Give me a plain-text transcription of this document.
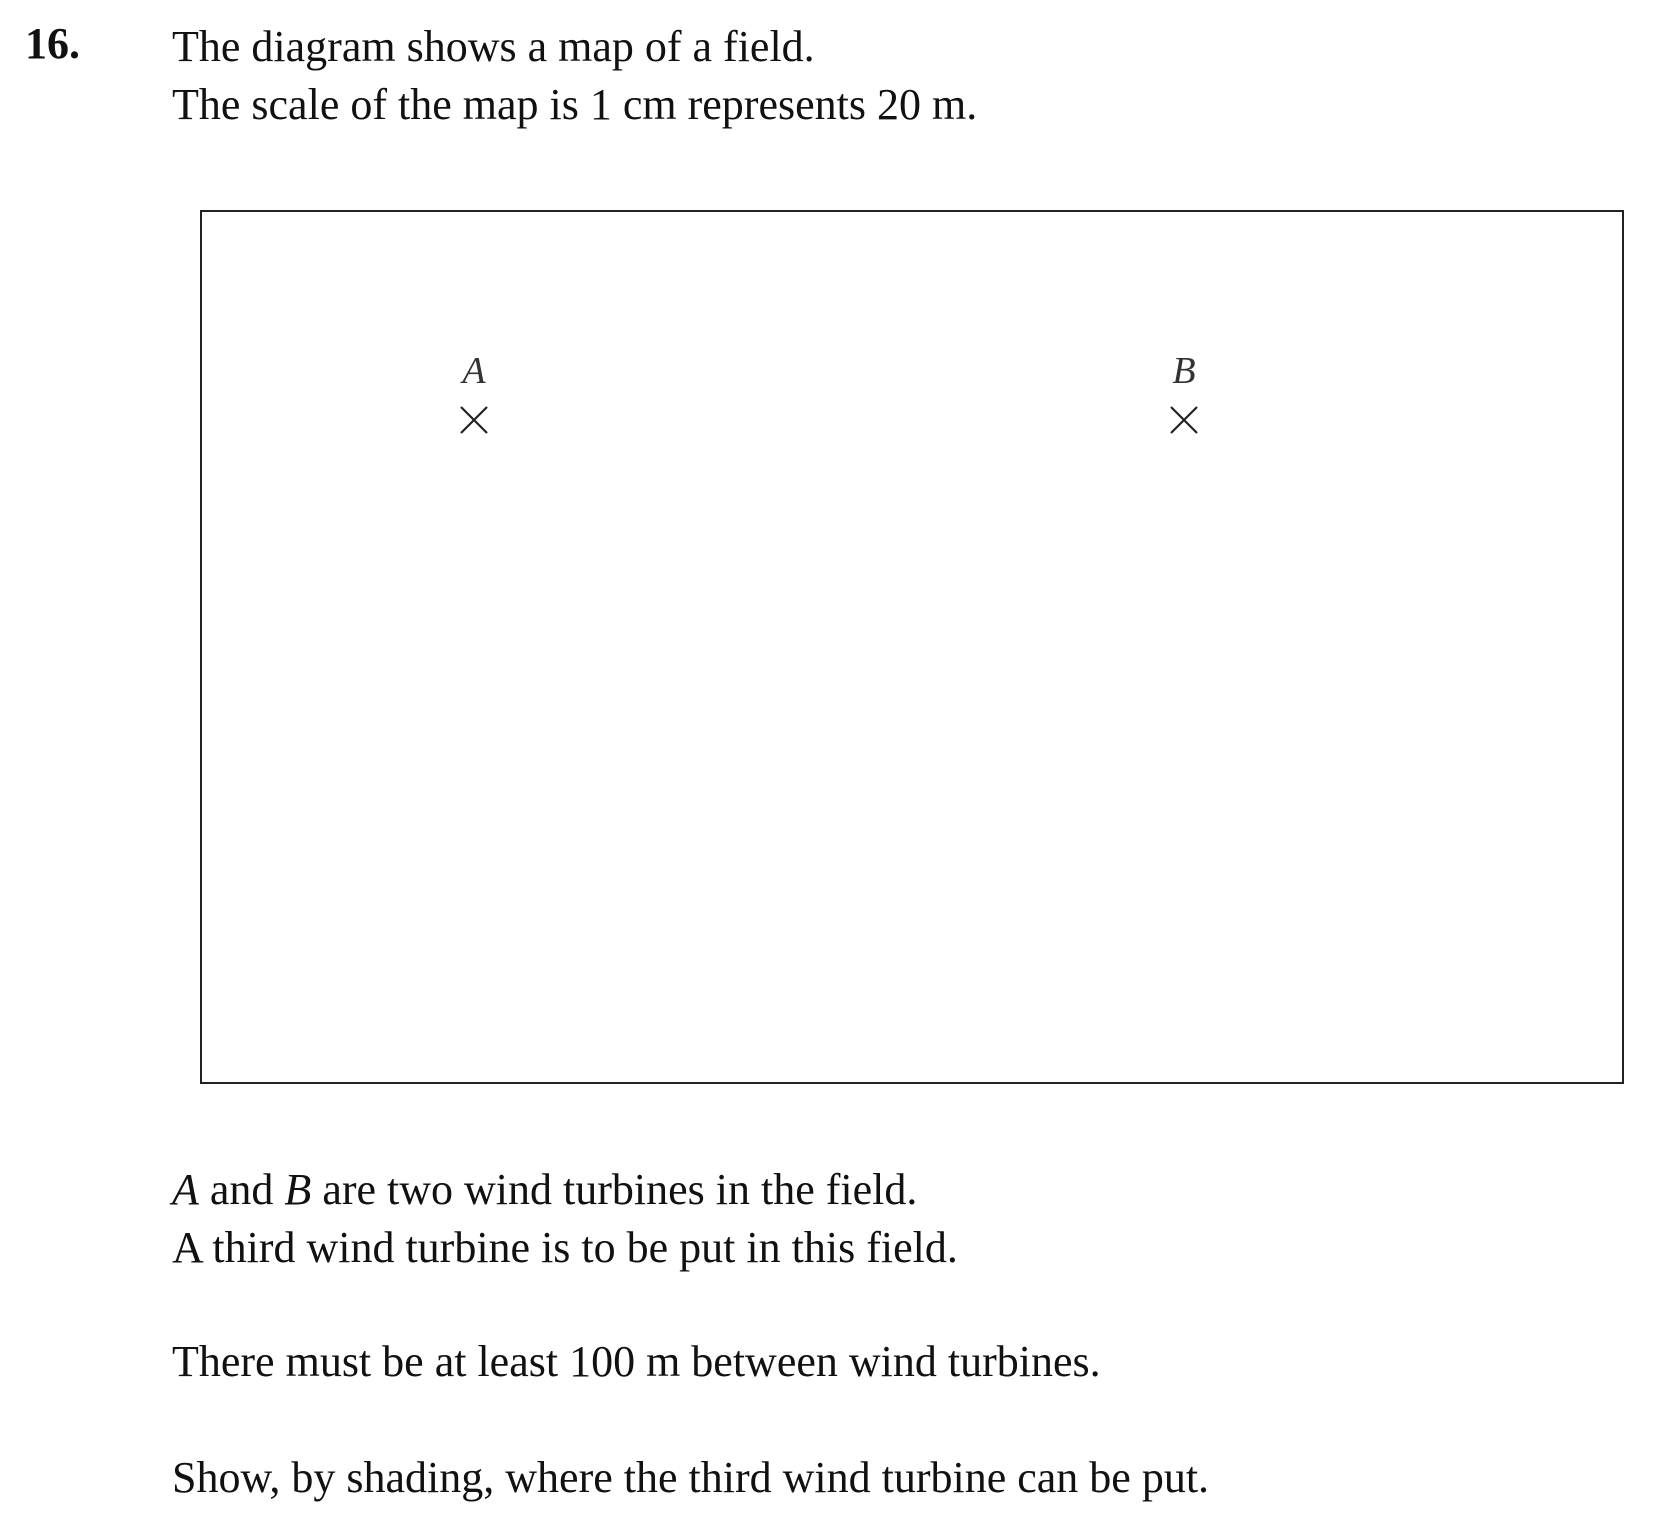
16. The diagram shows a map of a field.
The scale of the map is 1 cm represents 20 m.
A	B
A and B are two wind turbines in the field.
A third wind turbine is to be put in this field.
There must be at least 100 m between wind turbines.
Show, by shading, where the third wind turbine can be put.
